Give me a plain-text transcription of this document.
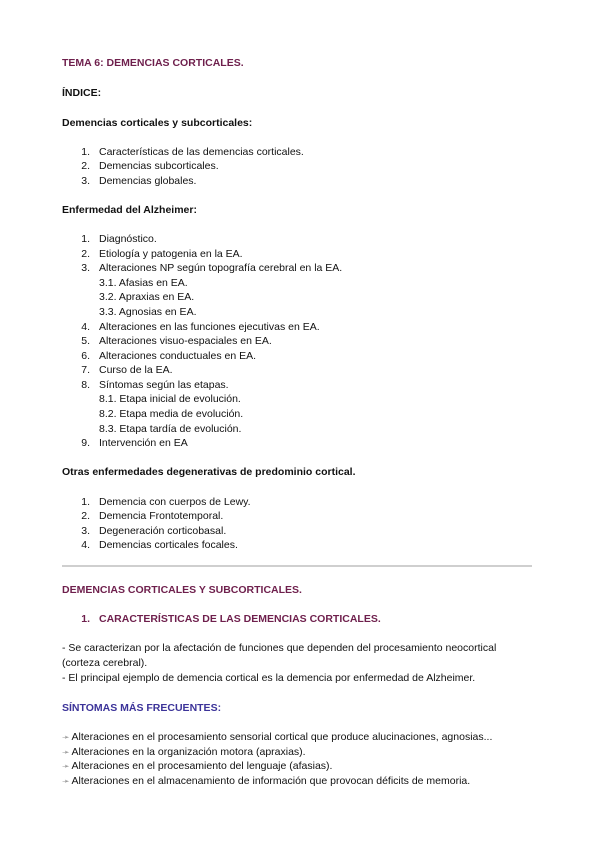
TEMA 6: DEMENCIAS CORTICALES.
ÍNDICE:
Demencias corticales y subcorticales:
1. Características de las demencias corticales.
2. Demencias subcorticales.
3. Demencias globales.
Enfermedad del Alzheimer:
1. Diagnóstico.
2. Etiología y patogenia en la EA.
3. Alteraciones NP según topografía cerebral en la EA.
3.1. Afasias en EA.
3.2. Apraxias en EA.
3.3. Agnosias en EA.
4. Alteraciones en las funciones ejecutivas en EA.
5. Alteraciones visuo-espaciales en EA.
6. Alteraciones conductuales en EA.
7. Curso de la EA.
8. Síntomas según las etapas.
8.1. Etapa inicial de evolución.
8.2. Etapa media de evolución.
8.3. Etapa tardía de evolución.
9. Intervención en EA
Otras enfermedades degenerativas de predominio cortical.
1. Demencia con cuerpos de Lewy.
2. Demencia Frontotemporal.
3. Degeneración corticobasal.
4. Demencias corticales focales.
DEMENCIAS CORTICALES Y SUBCORTICALES.
1. CARACTERÍSTICAS DE LAS DEMENCIAS CORTICALES.
- Se caracterizan por la afectación de funciones que dependen del procesamiento neocortical
(corteza cerebral).
- El principal ejemplo de demencia cortical es la demencia por enfermedad de Alzheimer.
SÍNTOMAS MÁS FRECUENTES:
➛ Alteraciones en el procesamiento sensorial cortical que produce alucinaciones, agnosias...
➛ Alteraciones en la organización motora (apraxias).
➛ Alteraciones en el procesamiento del lenguaje (afasias).
➛ Alteraciones en el almacenamiento de información que provocan déficits de memoria.
